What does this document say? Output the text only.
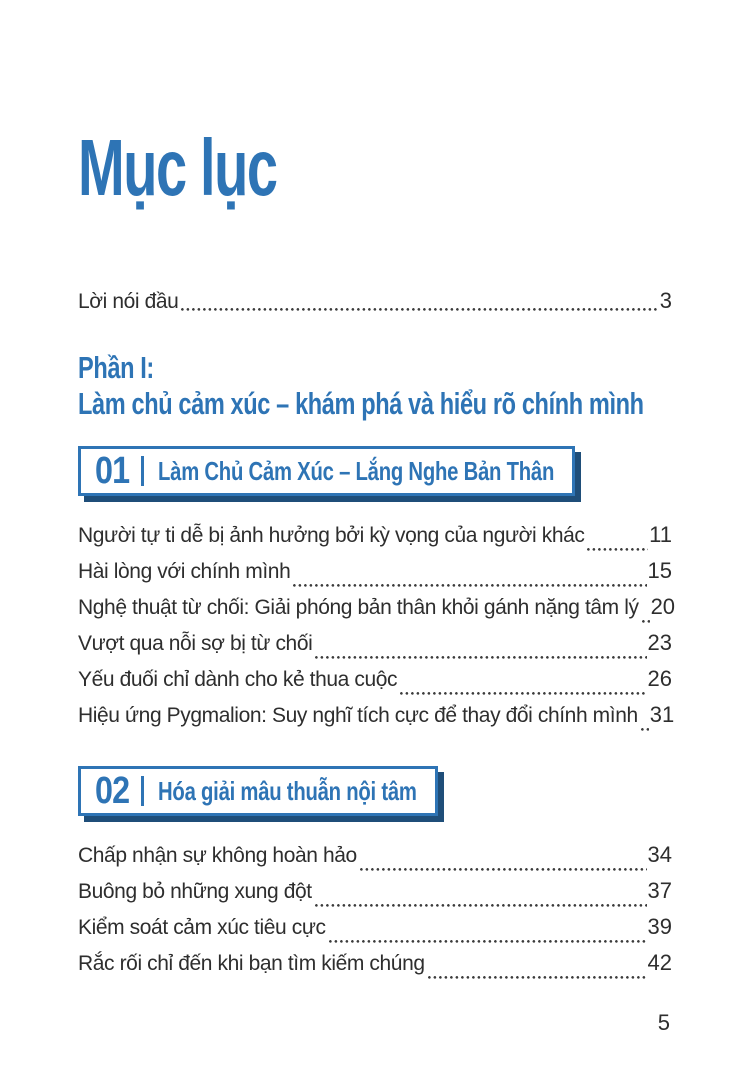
Mục lục
Lời nói đầu	3
Phần I:
Làm chủ cảm xúc – khám phá và hiểu rõ chính mình
01 Làm Chủ Cảm Xúc – Lắng Nghe Bản Thân
Người tự ti dễ bị ảnh hưởng bởi kỳ vọng của người khác	11
Hài lòng với chính mình	15
Nghệ thuật từ chối: Giải phóng bản thân khỏi gánh nặng tâm lý 20
Vượt qua nỗi sợ bị từ chối	23
Yếu đuối chỉ dành cho kẻ thua cuộc	26
Hiệu ứng Pygmalion: Suy nghĩ tích cực để thay đổi chính mình 31
02 Hóa giải mâu thuẫn nội tâm
Chấp nhận sự không hoàn hảo	34
Buông bỏ những xung đột	37
Kiểm soát cảm xúc tiêu cực	39
Rắc rối chỉ đến khi bạn tìm kiếm chúng	42
5
